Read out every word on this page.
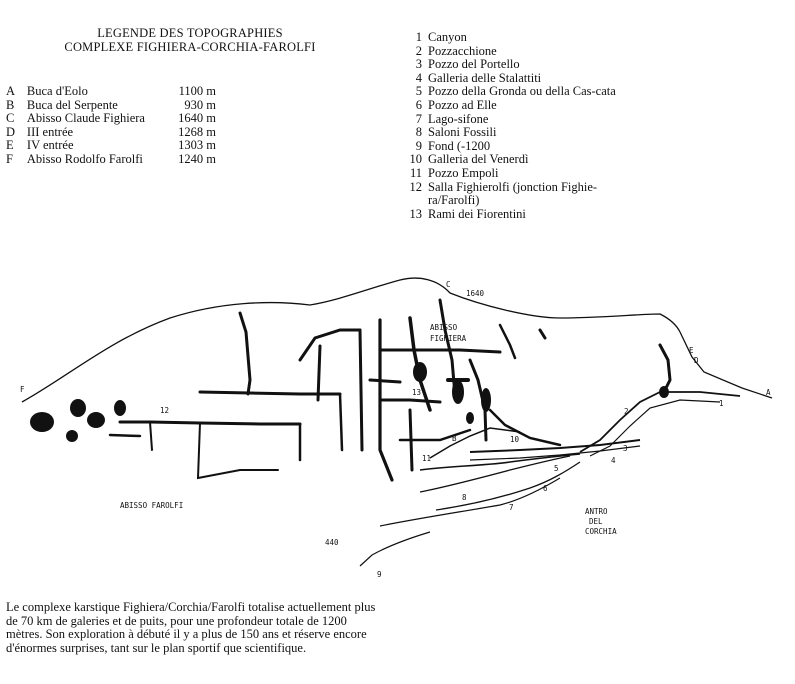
LEGENDE DES TOPOGRAPHIES
COMPLEXE FIGHIERA-CORCHIA-FAROLFI
A Buca d'Eolo	1100 m
B	Buca del Serpente	930 m
C	Abisso Claude Fighiera	1640 m
D III entrée	1268 m
E	IV entrée	1303 m
F	Abisso Rodolfo Farolfi	1240 m
1 Canyon
2 Pozzacchione
3 Pozzo del Portello
4 Galleria delle Stalattiti
5 Pozzo della Gronda ou della Cas-cata
6 Pozzo ad Elle
7 Lago-sifone
8 Saloni Fossili
9 Fond (-1200
10 Galleria del Venerdì
11 Pozzo Empoli
12 Salla Fighierolfi (jonction Fighie-ra/Farolfi)
13 Rami dei Fiorentini
F
C
1640
E
D
A
B
ABISSO
FIGHIERA
ABISSO FAROLFI
ANTRO
DEL
CORCHIA
440
1
2
3
4
5
6
7
8
9
10
11
12
13
Le complexe karstique Fighiera/Corchia/Farolfi totalise actuellement plus de 70 km de galeries et de puits, pour une profondeur totale de 1200 mètres. Son exploration à débuté il y a plus de 150 ans et réserve encore d'énormes surprises, tant sur le plan sportif que scientifique.
